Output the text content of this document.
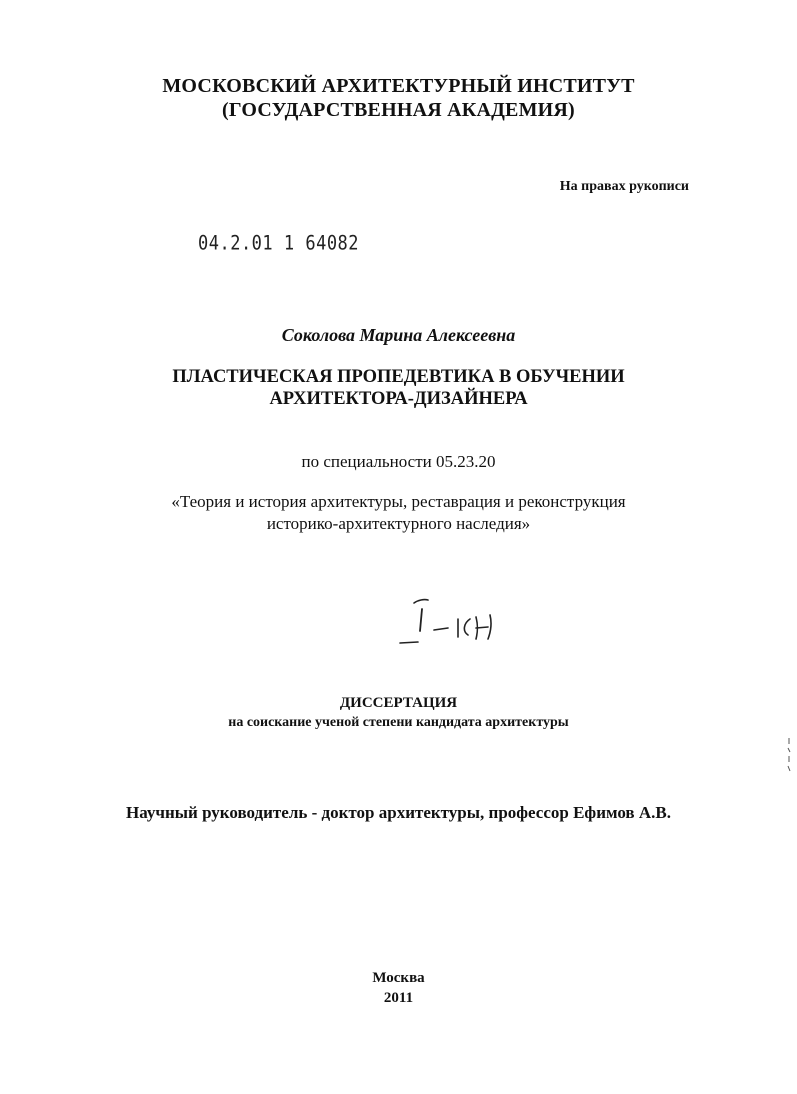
МОСКОВСКИЙ АРХИТЕКТУРНЫЙ ИНСТИТУТ
(ГОСУДАРСТВЕННАЯ АКАДЕМИЯ)
На правах рукописи
04.2.01 1 64082
Соколова Марина Алексеевна
ПЛАСТИЧЕСКАЯ ПРОПЕДЕВТИКА В ОБУЧЕНИИ
АРХИТЕКТОРА-ДИЗАЙНЕРА
по специальности 05.23.20
«Теория и история архитектуры, реставрация и реконструкция
историко-архитектурного наследия»
ДИССЕРТАЦИЯ
на соискание ученой степени кандидата архитектуры
Научный руководитель - доктор архитектуры, профессор Ефимов А.В.
Москва
2011
